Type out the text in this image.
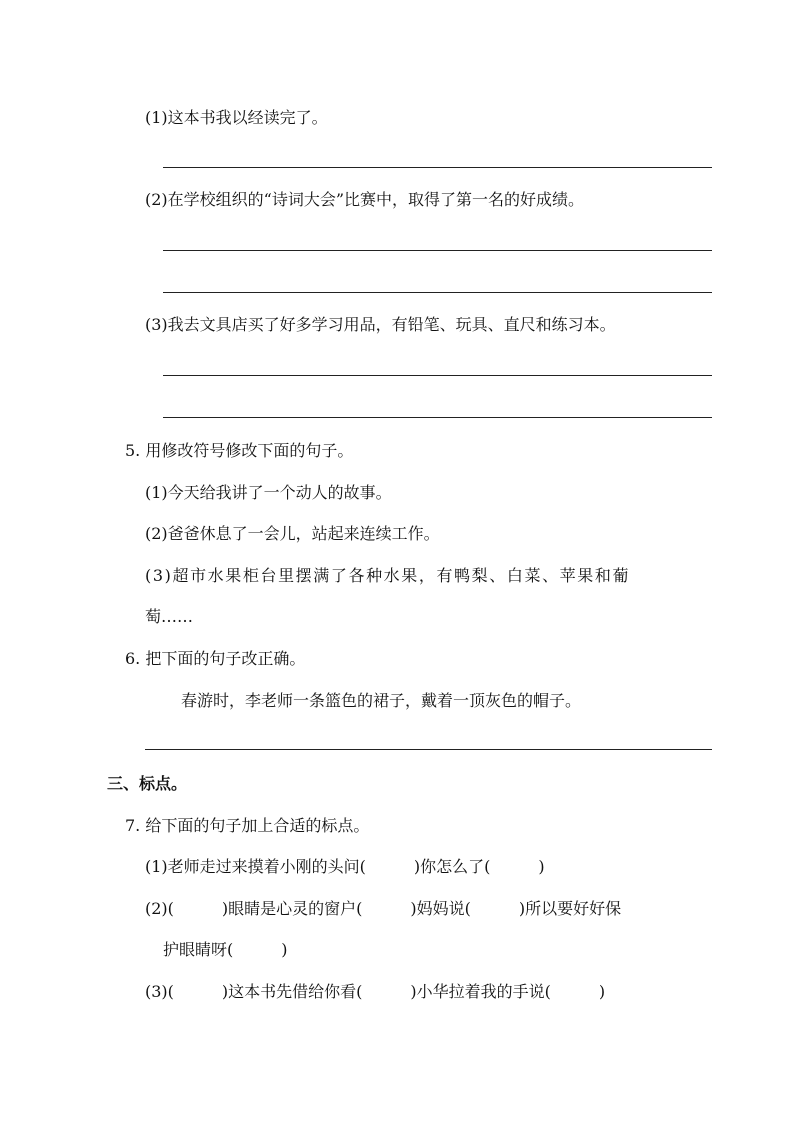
(1)这本书我以经读完了。
(2)在学校组织的“诗词大会”比赛中，取得了第一名的好成绩。
(3)我去文具店买了好多学习用品，有铅笔、玩具、直尺和练习本。
5. 用修改符号修改下面的句子。
(1)今天给我讲了一个动人的故事。
(2)爸爸休息了一会儿，站起来连续工作。
(3)超市水果柜台里摆满了各种水果，有鸭梨、白菜、苹果和葡
萄……
6. 把下面的句子改正确。
春游时，李老师一条篮色的裙子，戴着一顶灰色的帽子。
三、标点。
7. 给下面的句子加上合适的标点。
(1)老师走过来摸着小刚的头问(　　　)你怎么了(　　　)
(2)(　　　)眼睛是心灵的窗户(　　　)妈妈说(　　　)所以要好好保
护眼睛呀(　　　)
(3)(　　　)这本书先借给你看(　　　)小华拉着我的手说(　　　)
